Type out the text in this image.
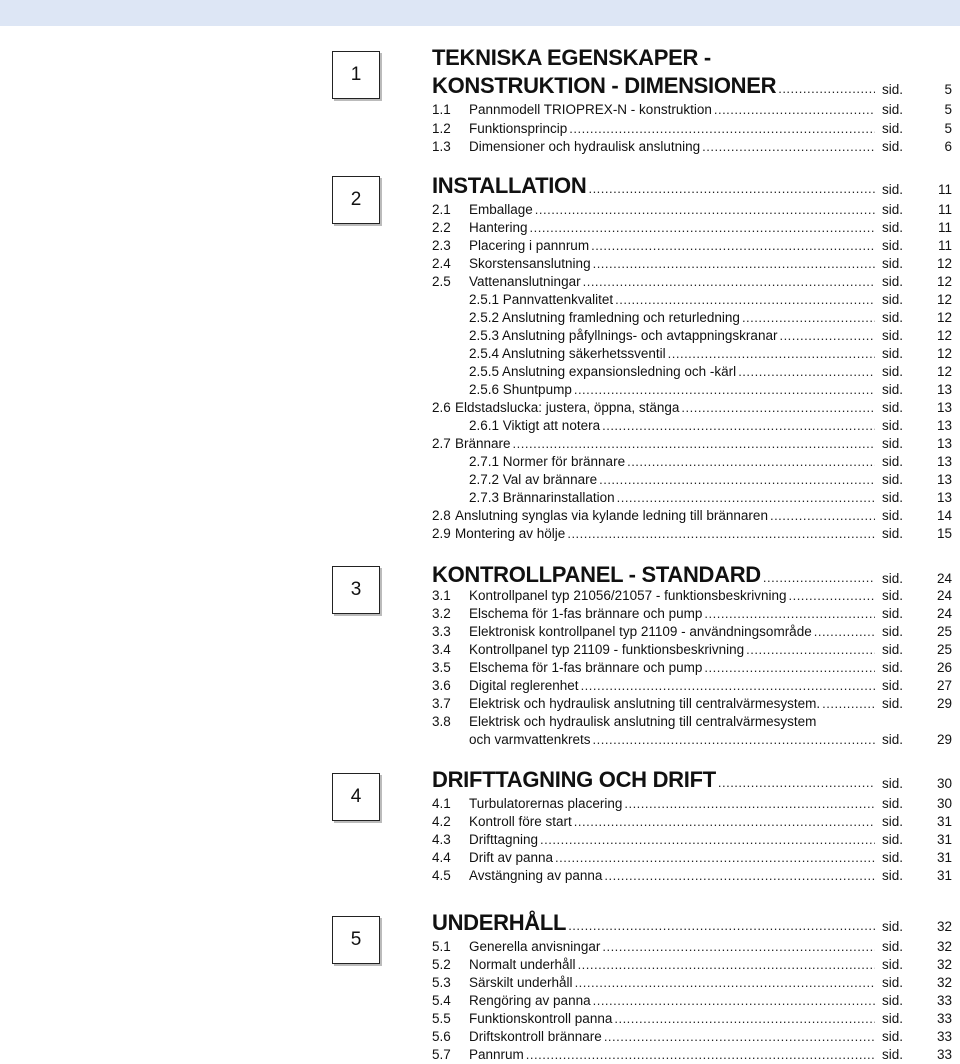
1
TEKNISKA EGENSKAPER -
KONSTRUKTION - DIMENSIONER .....	sid.	5
1.1 Pannmodell TRIOPREX-N - konstruktion .....	sid.	5
1.2 Funktionsprincip .....	sid.	5
1.3 Dimensioner och hydraulisk anslutning .....	sid.	6
2
INSTALLATION .....	sid.	11
2.1 Emballage .....	sid.	11
2.2 Hantering .....	sid.	11
2.3 Placering i pannrum .....	sid.	11
2.4 Skorstensanslutning .....	sid.	12
2.5 Vattenanslutningar .....	sid.	12
2.5.1 Pannvattenkvalitet .....	sid.	12
2.5.2 Anslutning framledning och returledning .....	sid.	12
2.5.3 Anslutning påfyllnings- och avtappningskranar .....	sid.	12
2.5.4 Anslutning säkerhetssventil .....	sid.	12
2.5.5 Anslutning expansionsledning och -kärl .....	sid.	12
2.5.6 Shuntpump .....	sid.	13
2.6 Eldstadslucka: justera, öppna, stänga .....	sid.	13
2.6.1 Viktigt att notera .....	sid.	13
2.7 Brännare .....	sid.	13
2.7.1 Normer för brännare .....	sid.	13
2.7.2 Val av brännare .....	sid.	13
2.7.3 Brännarinstallation .....	sid.	13
2.8 Anslutning synglas via kylande ledning till brännaren .....	sid.	14
2.9 Montering av hölje .....	sid.	15
3
KONTROLLPANEL - STANDARD .....	sid.	24
3.1 Kontrollpanel typ 21056/21057 - funktionsbeskrivning .....	sid.	24
3.2 Elschema för 1-fas brännare och pump .....	sid.	24
3.3 Elektronisk kontrollpanel typ 21109 - användningsområde .....	sid.	25
3.4 Kontrollpanel typ 21109 - funktionsbeskrivning .....	sid.	25
3.5 Elschema för 1-fas brännare och pump .....	sid.	26
3.6 Digital reglerenhet .....	sid.	27
3.7 Elektrisk och hydraulisk anslutning till centralvärmesystem. .....	sid.	29
3.8 Elektrisk och hydraulisk anslutning till centralvärmesystem
och varmvattenkrets .....	sid.	29
4
DRIFTTAGNING OCH DRIFT .....	sid.	30
4.1 Turbulatorernas placering .....	sid.	30
4.2 Kontroll före start .....	sid.	31
4.3 Drifttagning .....	sid.	31
4.4 Drift av panna .....	sid.	31
4.5 Avstängning av panna .....	sid.	31
5
UNDERHÅLL .....	sid.	32
5.1 Generella anvisningar .....	sid.	32
5.2 Normalt underhåll .....	sid.	32
5.3 Särskilt underhåll .....	sid.	32
5.4 Rengöring av panna .....	sid.	33
5.5 Funktionskontroll panna .....	sid.	33
5.6 Driftskontroll brännare .....	sid.	33
5.7 Pannrum .....	sid.	33
